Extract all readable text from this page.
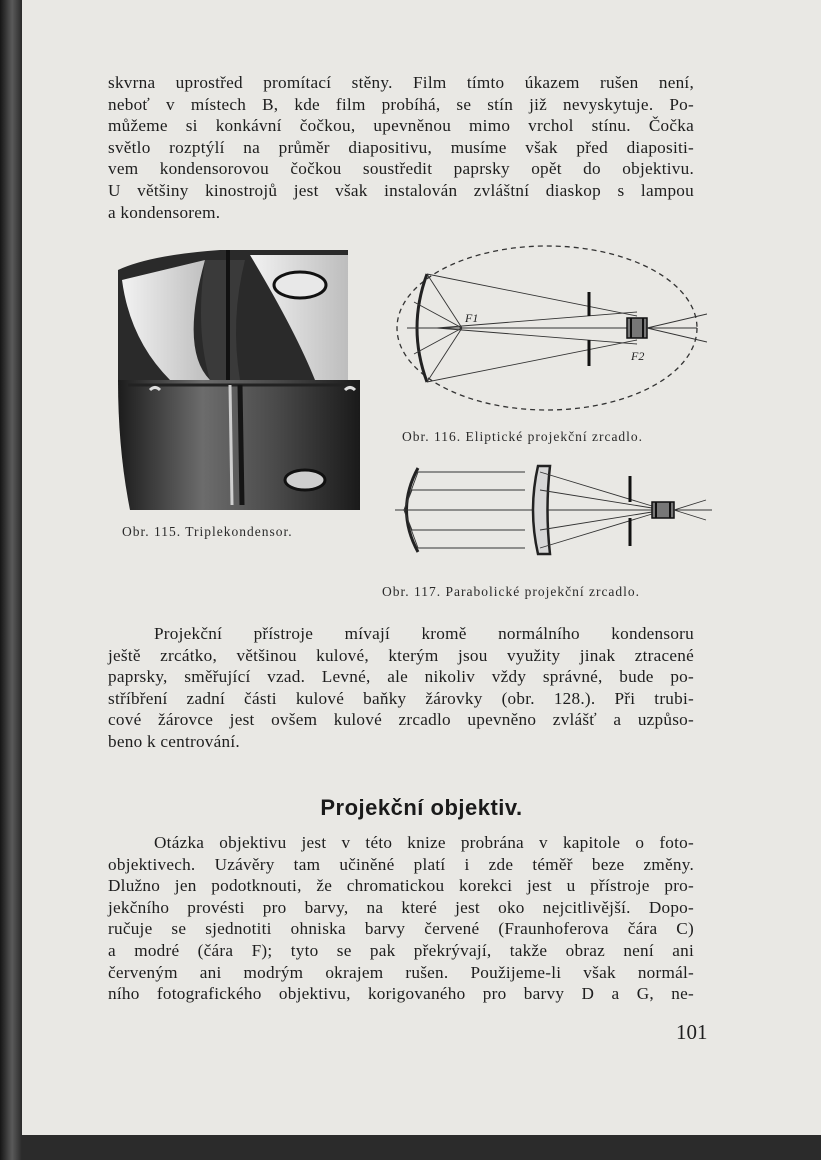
skvrna uprostřed promítací stěny. Film tímto úkazem rušen není,
neboť v místech B, kde film probíhá, se stín již nevyskytuje. Po-
můžeme si konkávní čočkou, upevněnou mimo vrchol stínu. Čočka
světlo rozptýlí na průměr diapositivu, musíme však před diapositi-
vem kondensorovou čočkou soustředit paprsky opět do objektivu.
U většiny kinostrojů jest však instalován zvláštní diaskop s lampou
a kondensorem.
Obr. 115. Triplekondensor.
F1
F2
Obr. 116. Eliptické projekční zrcadlo.
Obr. 117. Parabolické projekční zrcadlo.
Projekční přístroje mívají kromě normálního kondensoru
ještě zrcátko, většinou kulové, kterým jsou využity jinak ztracené
paprsky, směřující vzad. Levné, ale nikoliv vždy správné, bude po-
stříbření zadní části kulové baňky žárovky (obr. 128.). Při trubi-
cové žárovce jest ovšem kulové zrcadlo upevněno zvlášť a uzpůso-
beno k centrování.
Projekční objektiv.
Otázka objektivu jest v této knize probrána v kapitole o foto-
objektivech. Uzávěry tam učiněné platí i zde téměř beze změny.
Dlužno jen podotknouti, že chromatickou korekci jest u přístroje pro-
jekčního provésti pro barvy, na které jest oko nejcitlivější. Dopo-
ručuje se sjednotiti ohniska barvy červené (Fraunhoferova čára C)
a modré (čára F); tyto se pak překrývají, takže obraz není ani
červeným ani modrým okrajem rušen. Použijeme-li však normál-
ního fotografického objektivu, korigovaného pro barvy D a G, ne-
101
